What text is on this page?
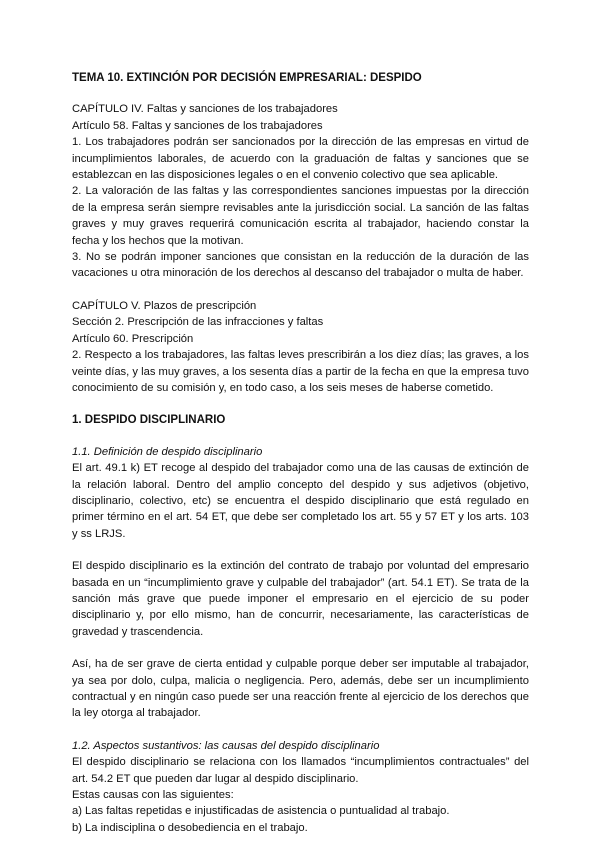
TEMA 10. EXTINCIÓN POR DECISIÓN EMPRESARIAL: DESPIDO

CAPÍTULO IV. Faltas y sanciones de los trabajadores

Artículo 58. Faltas y sanciones de los trabajadores

1. Los trabajadores podrán ser sancionados por la dirección de las empresas en virtud de incumplimientos laborales, de acuerdo con la graduación de faltas y sanciones que se establezcan en las disposiciones legales o en el convenio colectivo que sea aplicable.

2. La valoración de las faltas y las correspondientes sanciones impuestas por la dirección de la empresa serán siempre revisables ante la jurisdicción social. La sanción de las faltas graves y muy graves requerirá comunicación escrita al trabajador, haciendo constar la fecha y los hechos que la motivan.

3. No se podrán imponer sanciones que consistan en la reducción de la duración de las vacaciones u otra minoración de los derechos al descanso del trabajador o multa de haber.

CAPÍTULO V. Plazos de prescripción

Sección 2. Prescripción de las infracciones y faltas

Artículo 60. Prescripción

2. Respecto a los trabajadores, las faltas leves prescribirán a los diez días; las graves, a los veinte días, y las muy graves, a los sesenta días a partir de la fecha en que la empresa tuvo conocimiento de su comisión y, en todo caso, a los seis meses de haberse cometido.

1. DESPIDO DISCIPLINARIO

1.1. Definición de despido disciplinario

El art. 49.1 k) ET recoge al despido del trabajador como una de las causas de extinción de la relación laboral. Dentro del amplio concepto del despido y sus adjetivos (objetivo, disciplinario, colectivo, etc) se encuentra el despido disciplinario que está regulado en primer término en el art. 54 ET, que debe ser completado los art. 55 y 57 ET y los arts. 103 y ss LRJS.

El despido disciplinario es la extinción del contrato de trabajo por voluntad del empresario basada en un “incumplimiento grave y culpable del trabajador” (art. 54.1 ET). Se trata de la sanción más grave que puede imponer el empresario en el ejercicio de su poder disciplinario y, por ello mismo, han de concurrir, necesariamente, las características de gravedad y trascendencia.

Así, ha de ser grave de cierta entidad y culpable porque deber ser imputable al trabajador, ya sea por dolo, culpa, malicia o negligencia. Pero, además, debe ser un incumplimiento contractual y en ningún caso puede ser una reacción frente al ejercicio de los derechos que la ley otorga al trabajador.

1.2. Aspectos sustantivos: las causas del despido disciplinario

El despido disciplinario se relaciona con los llamados “incumplimientos contractuales” del art. 54.2 ET que pueden dar lugar al despido disciplinario.

Estas causas con las siguientes:

a) Las faltas repetidas e injustificadas de asistencia o puntualidad al trabajo.

b) La indisciplina o desobediencia en el trabajo.
